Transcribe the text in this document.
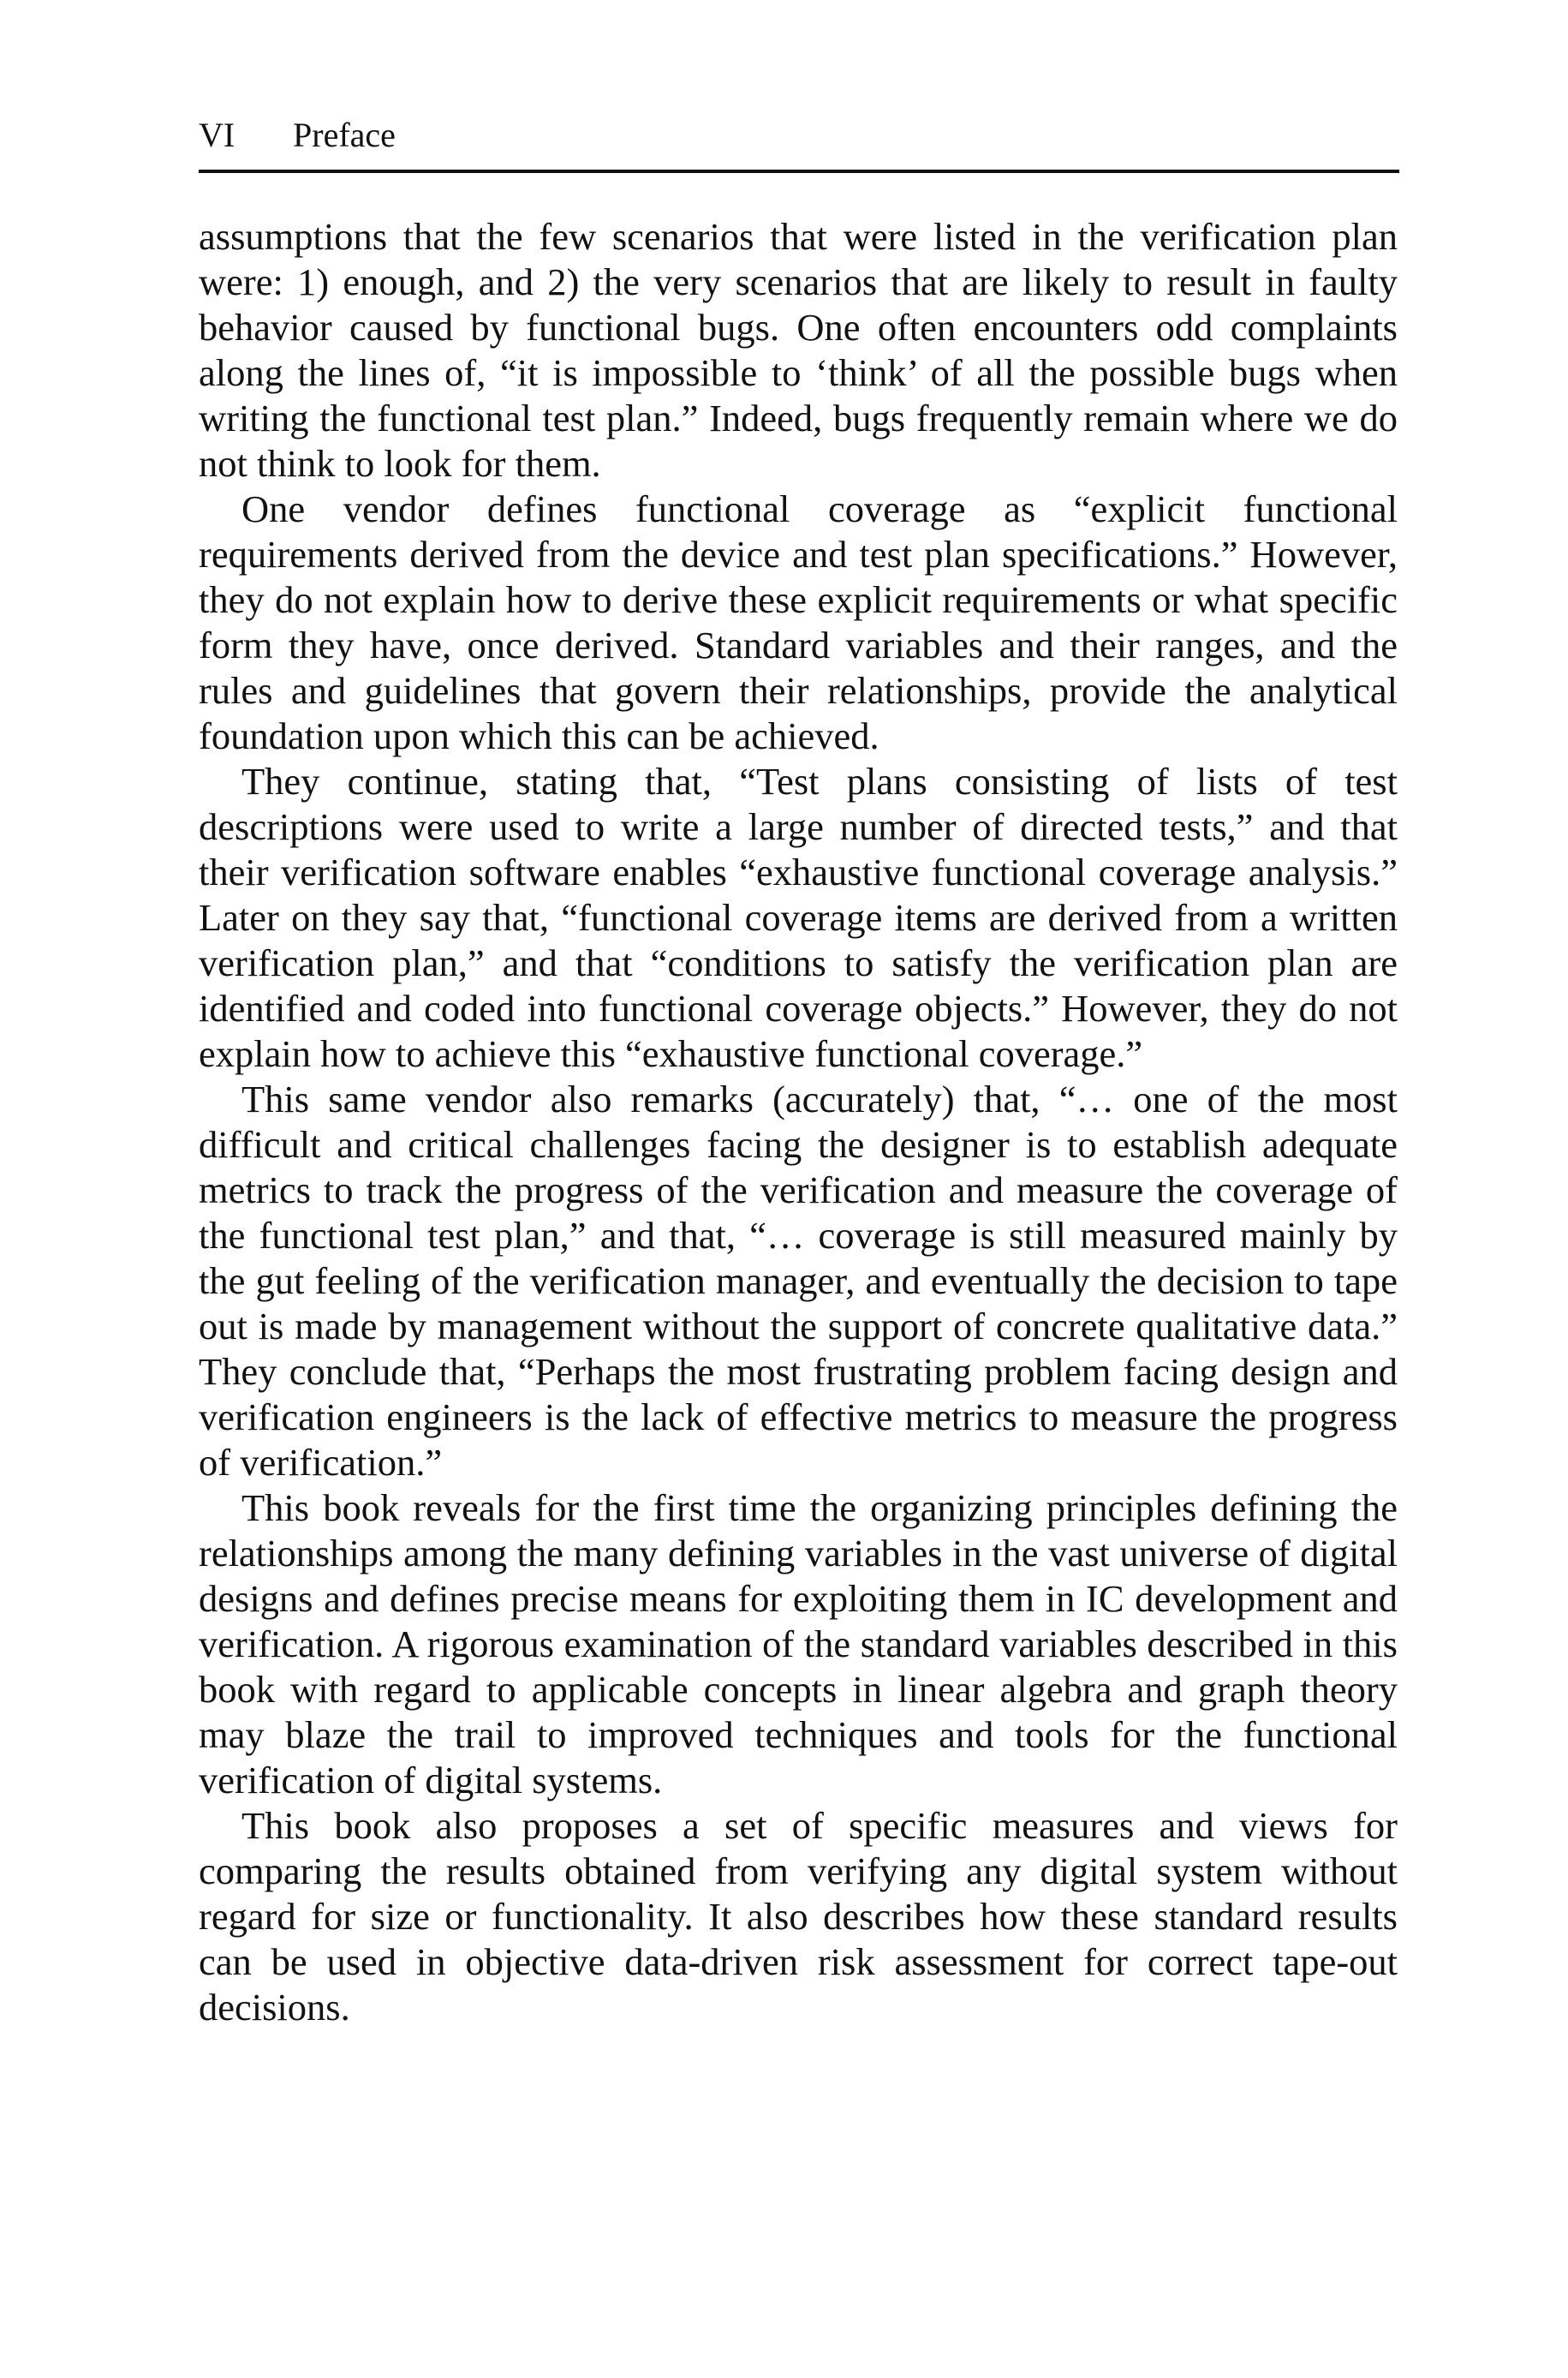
VI Preface

assumptions that the few scenarios that were listed in the verification plan were: 1) enough, and 2) the very scenarios that are likely to result in faulty behavior caused by functional bugs. One often encounters odd complaints along the lines of, “it is impossible to ‘think’ of all the possible bugs when writing the functional test plan.” Indeed, bugs frequently remain where we do not think to look for them.

One vendor defines functional coverage as “explicit functional requirements derived from the device and test plan specifications.” However, they do not explain how to derive these explicit requirements or what specific form they have, once derived. Standard variables and their ranges, and the rules and guidelines that govern their relationships, provide the analytical foundation upon which this can be achieved.

They continue, stating that, “Test plans consisting of lists of test descriptions were used to write a large number of directed tests,” and that their verification software enables “exhaustive functional coverage analysis.” Later on they say that, “functional coverage items are derived from a written verification plan,” and that “conditions to satisfy the verification plan are identified and coded into functional coverage objects.” However, they do not explain how to achieve this “exhaustive functional coverage.”

This same vendor also remarks (accurately) that, “… one of the most difficult and critical challenges facing the designer is to establish adequate metrics to track the progress of the verification and measure the coverage of the functional test plan,” and that, “… coverage is still measured mainly by the gut feeling of the verification manager, and eventually the decision to tape out is made by management without the support of concrete qualitative data.” They conclude that, “Perhaps the most frustrating problem facing design and verification engineers is the lack of effective metrics to measure the progress of verification.”

This book reveals for the first time the organizing principles defining the relationships among the many defining variables in the vast universe of digital designs and defines precise means for exploiting them in IC development and verification. A rigorous examination of the standard variables described in this book with regard to applicable concepts in linear algebra and graph theory may blaze the trail to improved techniques and tools for the functional verification of digital systems.

This book also proposes a set of specific measures and views for comparing the results obtained from verifying any digital system without regard for size or functionality. It also describes how these standard results can be used in objective data-driven risk assessment for correct tape-out decisions.
